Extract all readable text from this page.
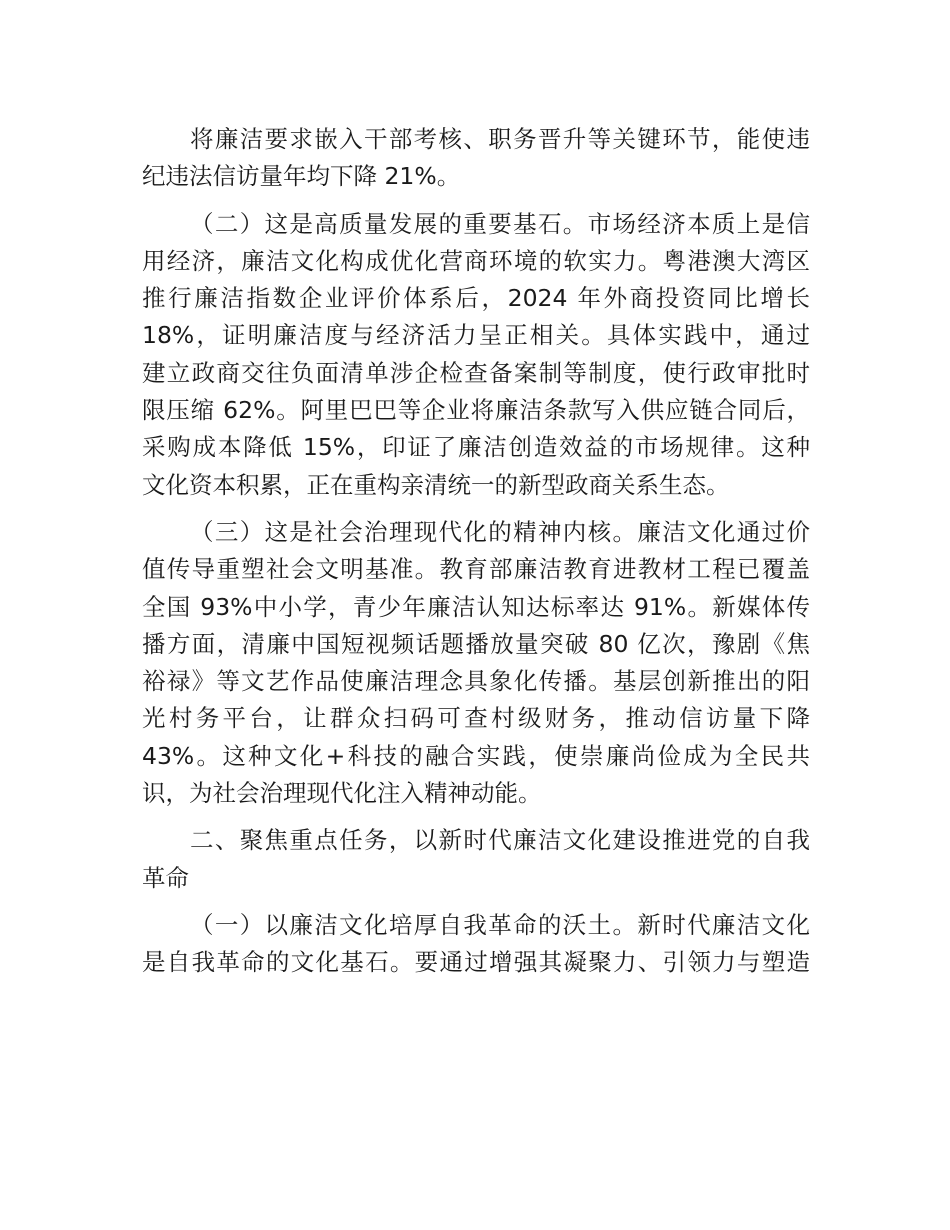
将廉洁要求嵌入干部考核、职务晋升等关键环节，能使违
纪违法信访量年均下降 21%。
（二）这是高质量发展的重要基石。市场经济本质上是信
用经济，廉洁文化构成优化营商环境的软实力。粤港澳大湾区
推行廉洁指数企业评价体系后，2024 年外商投资同比增长
18%，证明廉洁度与经济活力呈正相关。具体实践中，通过
建立政商交往负面清单涉企检查备案制等制度，使行政审批时
限压缩 62%。阿里巴巴等企业将廉洁条款写入供应链合同后，
采购成本降低 15%，印证了廉洁创造效益的市场规律。这种
文化资本积累，正在重构亲清统一的新型政商关系生态。
（三）这是社会治理现代化的精神内核。廉洁文化通过价
值传导重塑社会文明基准。教育部廉洁教育进教材工程已覆盖
全国 93%中小学，青少年廉洁认知达标率达 91%。新媒体传
播方面，清廉中国短视频话题播放量突破 80 亿次，豫剧《焦
裕禄》等文艺作品使廉洁理念具象化传播。基层创新推出的阳
光村务平台，让群众扫码可查村级财务，推动信访量下降
43%。这种文化+科技的融合实践，使崇廉尚俭成为全民共
识，为社会治理现代化注入精神动能。
二、聚焦重点任务，以新时代廉洁文化建设推进党的自我
革命
（一）以廉洁文化培厚自我革命的沃土。新时代廉洁文化
是自我革命的文化基石。要通过增强其凝聚力、引领力与塑造
